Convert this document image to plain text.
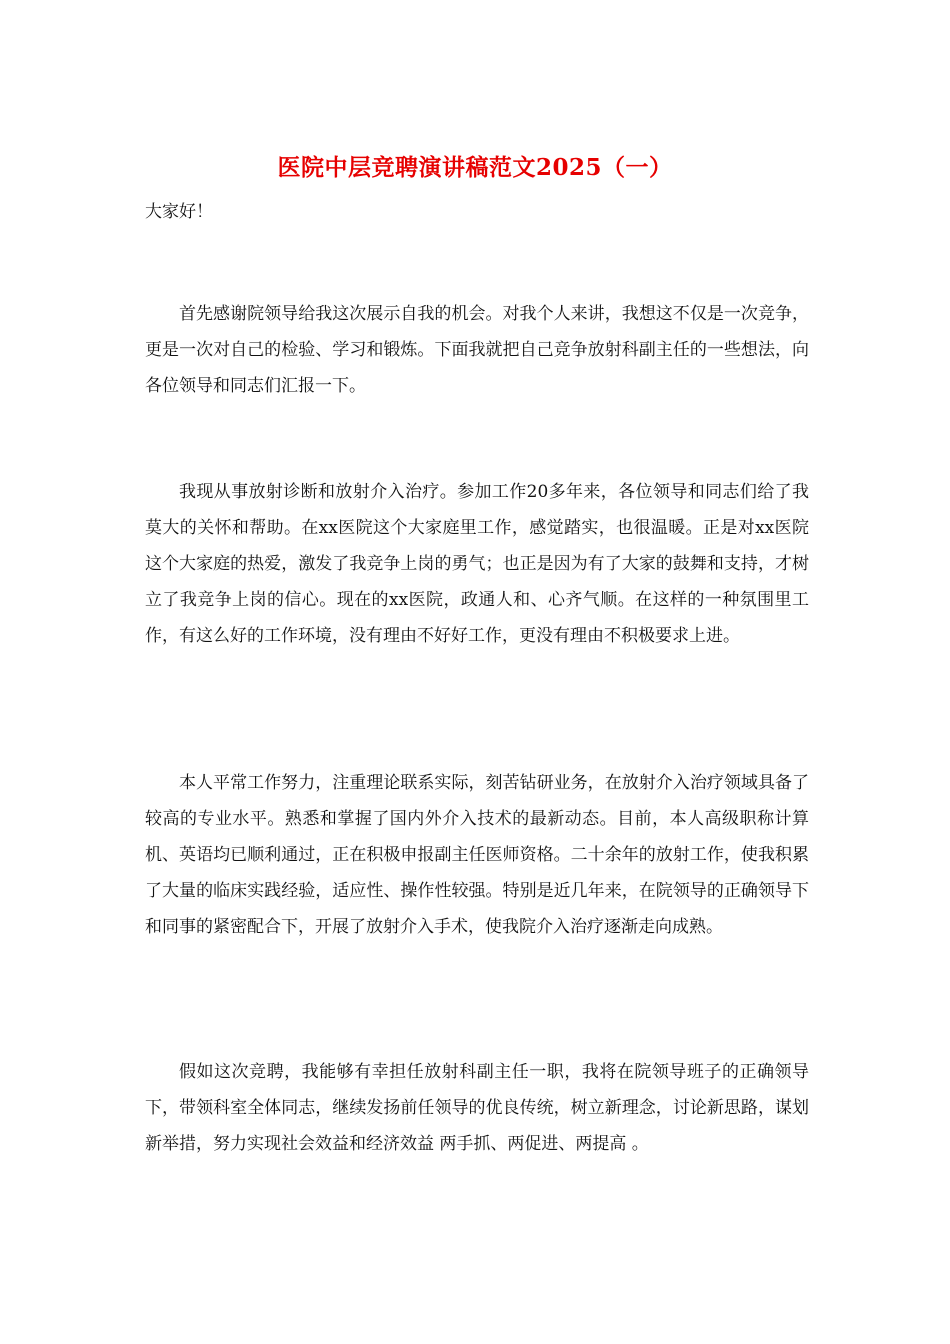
医院中层竞聘演讲稿范文2025（一）
大家好！

首先感谢院领导给我这次展示自我的机会。对我个人来讲，我想这不仅是一次竞争，更是一次对自己的检验、学习和锻炼。下面我就把自己竞争放射科副主任的一些想法，向各位领导和同志们汇报一下。

我现从事放射诊断和放射介入治疗。参加工作20多年来，各位领导和同志们给了我莫大的关怀和帮助。在xx医院这个大家庭里工作，感觉踏实，也很温暖。正是对xx医院这个大家庭的热爱，激发了我竞争上岗的勇气；也正是因为有了大家的鼓舞和支持，才树立了我竞争上岗的信心。现在的xx医院，政通人和、心齐气顺。在这样的一种氛围里工作，有这么好的工作环境，没有理由不好好工作，更没有理由不积极要求上进。

本人平常工作努力，注重理论联系实际，刻苦钻研业务，在放射介入治疗领域具备了较高的专业水平。熟悉和掌握了国内外介入技术的最新动态。目前，本人高级职称计算机、英语均已顺利通过，正在积极申报副主任医师资格。二十余年的放射工作，使我积累了大量的临床实践经验，适应性、操作性较强。特别是近几年来，在院领导的正确领导下和同事的紧密配合下，开展了放射介入手术，使我院介入治疗逐渐走向成熟。

假如这次竞聘，我能够有幸担任放射科副主任一职，我将在院领导班子的正确领导下，带领科室全体同志，继续发扬前任领导的优良传统，树立新理念，讨论新思路，谋划新举措，努力实现社会效益和经济效益 两手抓、两促进、两提高 。
